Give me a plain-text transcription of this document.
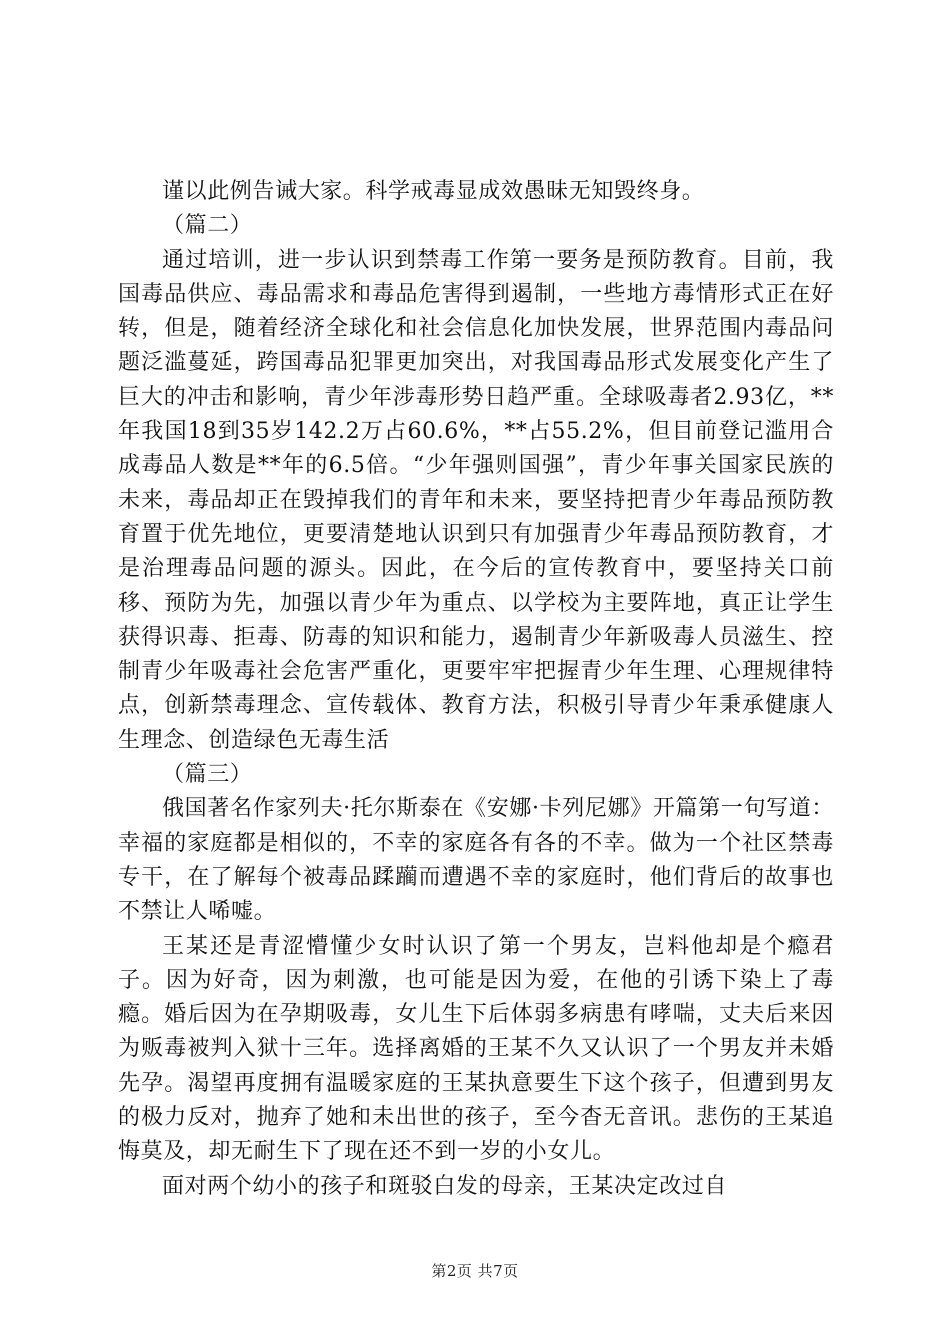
谨以此例告诫大家。科学戒毒显成效愚昧无知毁终身。

（篇二）

通过培训，进一步认识到禁毒工作第一要务是预防教育。目前，我国毒品供应、毒品需求和毒品危害得到遏制，一些地方毒情形式正在好转，但是，随着经济全球化和社会信息化加快发展，世界范围内毒品问题泛滥蔓延，跨国毒品犯罪更加突出，对我国毒品形式发展变化产生了巨大的冲击和影响，青少年涉毒形势日趋严重。全球吸毒者2.93亿，**年我国18到35岁142.2万占60.6%，**占55.2%，但目前登记滥用合成毒品人数是**年的6.5倍。“少年强则国强”，青少年事关国家民族的未来，毒品却正在毁掉我们的青年和未来，要坚持把青少年毒品预防教育置于优先地位，更要清楚地认识到只有加强青少年毒品预防教育，才是治理毒品问题的源头。因此，在今后的宣传教育中，要坚持关口前移、预防为先，加强以青少年为重点、以学校为主要阵地，真正让学生获得识毒、拒毒、防毒的知识和能力，遏制青少年新吸毒人员滋生、控制青少年吸毒社会危害严重化，更要牢牢把握青少年生理、心理规律特点，创新禁毒理念、宣传载体、教育方法，积极引导青少年秉承健康人生理念、创造绿色无毒生活

（篇三）

俄国著名作家列夫·托尔斯泰在《安娜·卡列尼娜》开篇第一句写道：幸福的家庭都是相似的，不幸的家庭各有各的不幸。做为一个社区禁毒专干，在了解每个被毒品蹂躏而遭遇不幸的家庭时，他们背后的故事也不禁让人唏嘘。

王某还是青涩懵懂少女时认识了第一个男友，岂料他却是个瘾君子。因为好奇，因为刺激，也可能是因为爱，在他的引诱下染上了毒瘾。婚后因为在孕期吸毒，女儿生下后体弱多病患有哮喘，丈夫后来因为贩毒被判入狱十三年。选择离婚的王某不久又认识了一个男友并未婚先孕。渴望再度拥有温暖家庭的王某执意要生下这个孩子，但遭到男友的极力反对，抛弃了她和未出世的孩子，至今杳无音讯。悲伤的王某追悔莫及，却无耐生下了现在还不到一岁的小女儿。

面对两个幼小的孩子和斑驳白发的母亲，王某决定改过自

第2页 共7页
